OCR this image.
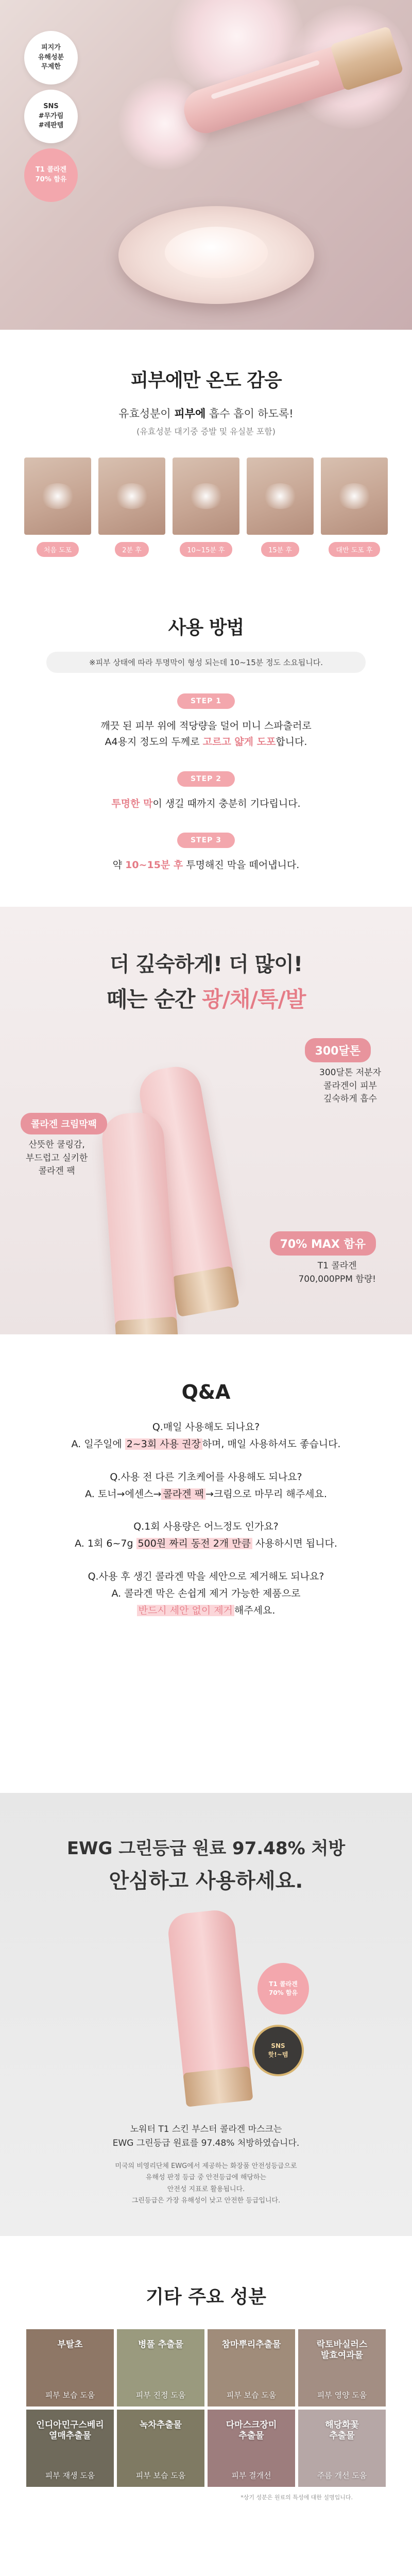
피지가
유해성분
무제한
SNS
#무가림
#레판템
T1 콜라겐
70% 함유
피부에만 온도 감응

유효성분이 피부에 흡수 흡이 하도록!

(유효성분 대기중 증발 및 유실분 포함)

처음 도포	2분 후	10~15분 후	15분 후	대반 도포 후
사용 방법

※피부 상태에 따라 투명막이 형성 되는데 10~15분 정도 소요됩니다.

STEP 1

깨끗 된 피부 위에 적당량을 덜어 미니 스파출러로
A4용지 정도의 두께로 고르고 얇게 도포합니다.

STEP 2

투명한 막이 생길 때까지 충분히 기다립니다.

STEP 3

약 10~15분 후 투명해진 막을 떼어냅니다.

더 깊숙하게! 더 많이!
떼는 순간 광/채/톡/발
300달톤
300달톤 저분자
콜라겐이 피부
깊숙하게 흡수
콜라겐 크림막팩
산뜻한 쿨링감,
부드럽고 실키한
콜라겐 팩
70% MAX 함유
T1 콜라겐
700,000PPM 함량!
Q&A
Q.매일 사용해도 되나요?
A. 일주일에 2~3회 사용 권장 하며, 매일 사용하셔도 좋습니다.
Q.사용 전 다른 기초케어를 사용해도 되나요?
A. 토너→에센스→ 콜라겐 팩 →크림으로 마무리 해주세요.
Q.1회 사용량은 어느정도 인가요?
A. 1회 6~7g 500원 짜리 동전 2개 만큼 사용하시면 됩니다.
Q.사용 후 생긴 콜라겐 막을 세안으로 제거해도 되나요?
A. 콜라겐 막은 손쉽게 제거 가능한 제품으로
반드시 세안 없이 제거 해주세요.
EWG 그린등급 원료 97.48% 처방
안심하고 사용하세요.
T1 콜라겐
70% 함유
SNS
핫!~템
노워터 T1 스킨 부스터 콜라겐 마스크는
EWG 그린등급 원료를 97.48% 처방하였습니다.
미국의 비영리단체 EWG에서 제공하는 화장품 안전성등급으로
유해성 판정 등급 중 안전등급에 해당하는
안전성 지표로 활용됩니다.
그린등급은 가장 유해성이 낮고 안전한 등급입니다.
기타 주요 성분
부탈초
피부 보습 도움
병풀 추출물
피부 진정 도움
참마뿌리추출물
피부 보습 도움
락토바실러스
발효여과물
피부 영양 도움
인디아민구스베리
열매추출물
피부 재생 도움
녹차추출물
피부 보습 도움
다마스크장미
추출물
피부 결개선
해당화꽃
추출물
주름 개선 도움

*상기 성분은 원료의 특성에 대한 설명입니다.
